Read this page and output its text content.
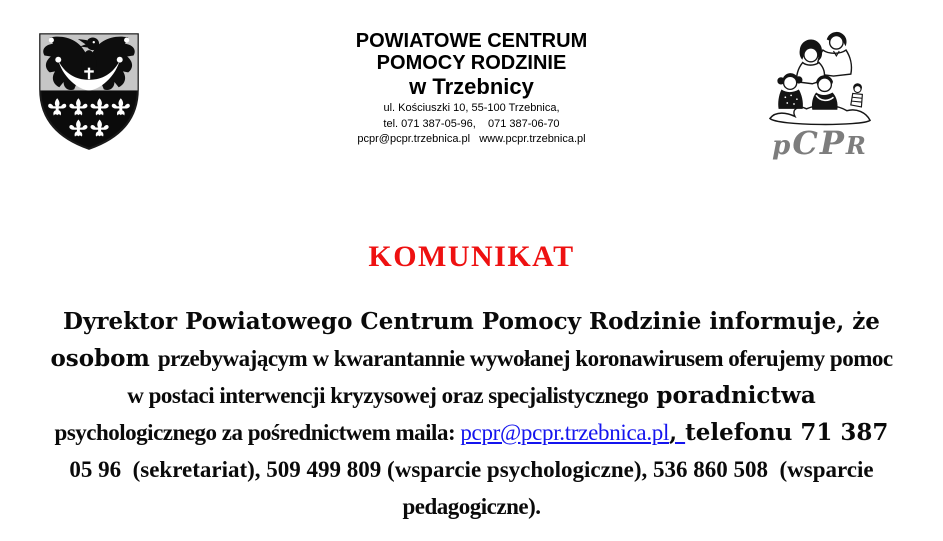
POWIATOWE CENTRUM
POMOCY RODZINIE
w Trzebnicy
ul. Kościuszki 10, 55-100 Trzebnica,
tel. 071 387-05-96,    071 387-06-70
pcpr@pcpr.trzebnica.pl   www.pcpr.trzebnica.pl	p C P R
KOMUNIKAT
Dyrektor Powiatowego Centrum Pomocy Rodzinie informuje, że
osobom przebywającym w kwarantannie wywołanej koronawirusem oferujemy pomoc
w postaci interwencji kryzysowej oraz specjalistycznego poradnictwa
psychologicznego za pośrednictwem maila: pcpr@pcpr.trzebnica.pl, telefonu 71 387
05 96  (sekretariat), 509 499 809 (wsparcie psychologiczne), 536 860 508  (wsparcie
pedagogiczne).
